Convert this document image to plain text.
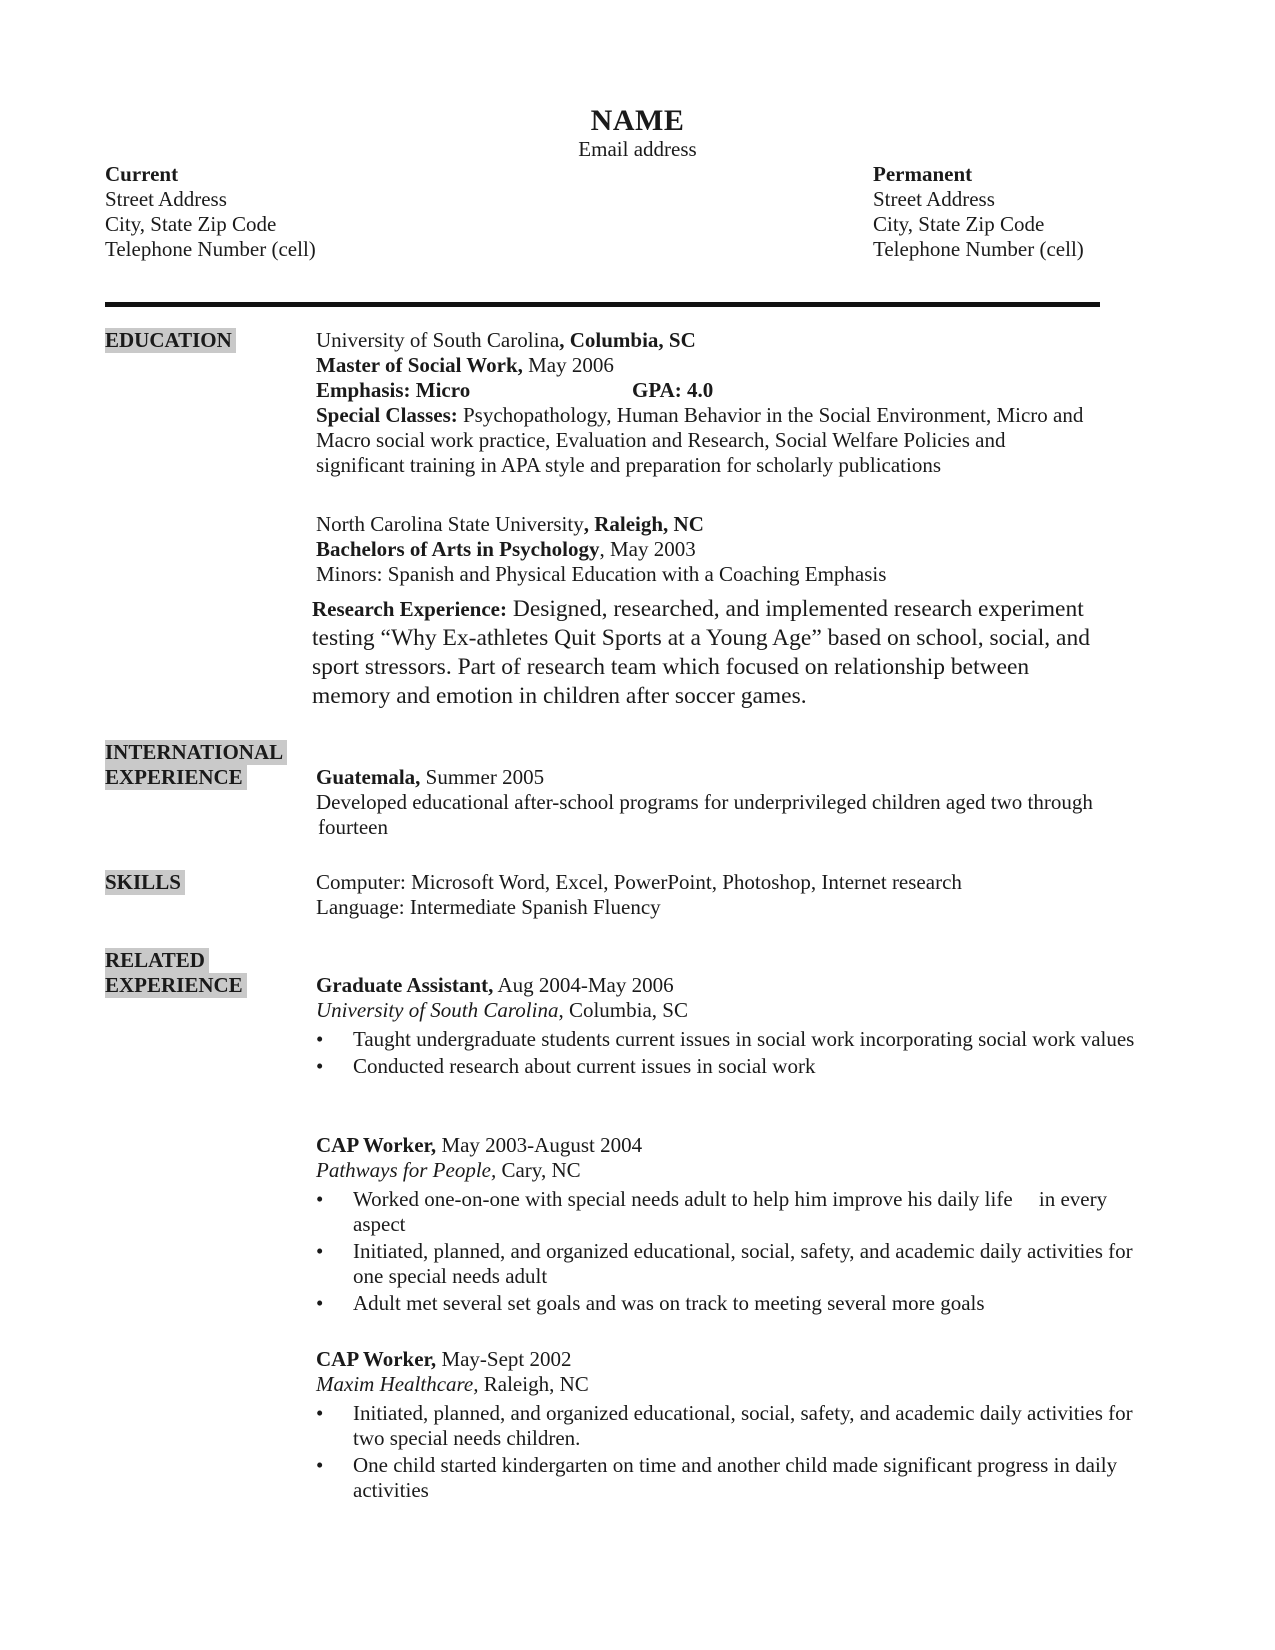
NAME
Email address
Current
Street Address
City, State Zip Code
Telephone Number (cell)
Permanent
Street Address
City, State Zip Code
Telephone Number (cell)
EDUCATION	University of South Carolina, Columbia, SC
Master of Social Work, May 2006
Emphasis: Micro	GPA: 4.0
Special Classes: Psychopathology, Human Behavior in the Social Environment, Micro and
Macro social work practice, Evaluation and Research, Social Welfare Policies and
significant training in APA style and preparation for scholarly publications
North Carolina State University, Raleigh, NC
Bachelors of Arts in Psychology, May 2003
Minors: Spanish and Physical Education with a Coaching Emphasis
Research Experience: Designed, researched, and implemented research experiment
testing “Why Ex-athletes Quit Sports at a Young Age” based on school, social, and
sport stressors. Part of research team which focused on relationship between
memory and emotion in children after soccer games.
INTERNATIONAL
EXPERIENCE	Guatemala, Summer 2005
Developed educational after-school programs for underprivileged children aged two through
fourteen
SKILLS	Computer: Microsoft Word, Excel, PowerPoint, Photoshop, Internet research
Language: Intermediate Spanish Fluency
RELATED
EXPERIENCE	Graduate Assistant, Aug 2004-May 2006
University of South Carolina, Columbia, SC
• Taught undergraduate students current issues in social work incorporating social work values
• Conducted research about current issues in social work
CAP Worker, May 2003-August 2004
Pathways for People, Cary, NC
• Worked one-on-one with special needs adult to help him improve his daily life     in every aspect
• Initiated, planned, and organized educational, social, safety, and academic daily activities for one special needs adult
• Adult met several set goals and was on track to meeting several more goals
CAP Worker, May-Sept 2002
Maxim Healthcare, Raleigh, NC
• Initiated, planned, and organized educational, social, safety, and academic daily activities for two special needs children.
• One child started kindergarten on time and another child made significant progress in daily activities
